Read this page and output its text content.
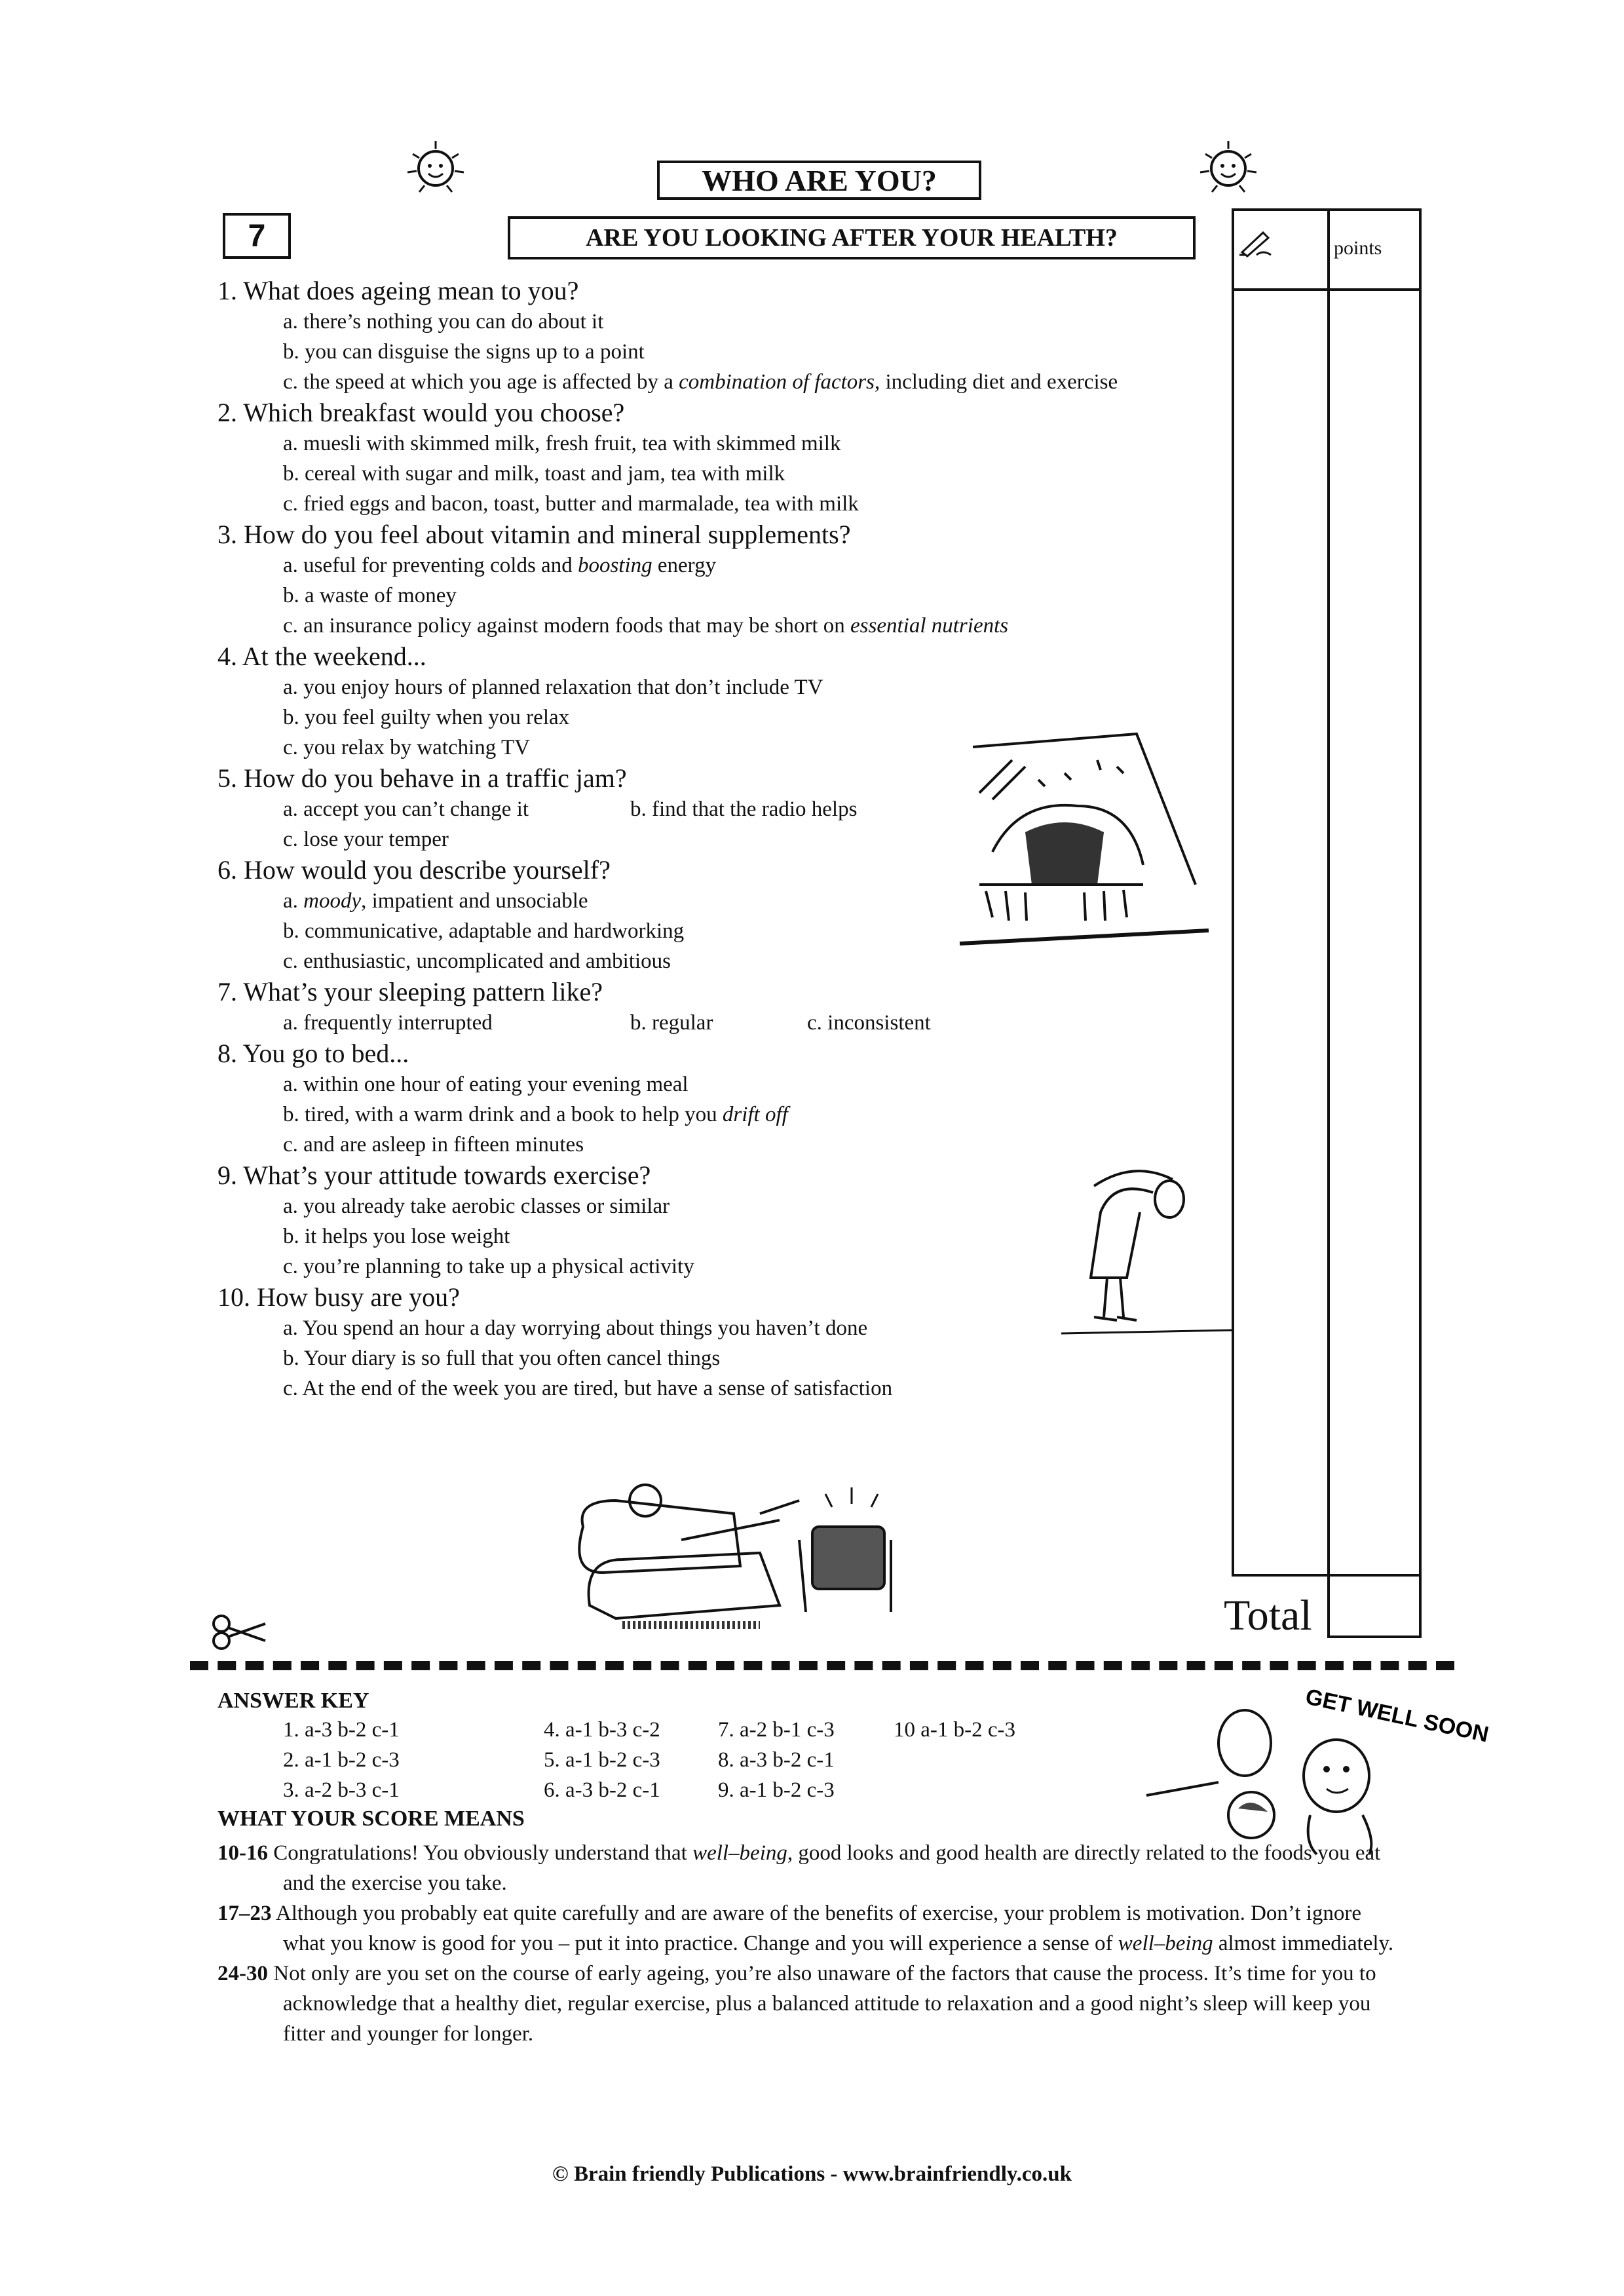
WHO ARE YOU?
7	ARE YOU LOOKING AFTER YOUR HEALTH?	points
Total
1. What does ageing mean to you?
a. there’s nothing you can do about it
b. you can disguise the signs up to a point
c. the speed at which you age is affected by a combination of factors, including diet and exercise
2. Which breakfast would you choose?
a. muesli with skimmed milk, fresh fruit, tea with skimmed milk
b. cereal with sugar and milk, toast and jam, tea with milk
c. fried eggs and bacon, toast, butter and marmalade, tea with milk
3. How do you feel about vitamin and mineral supplements?
a. useful for preventing colds and boosting energy
b. a waste of money
c. an insurance policy against modern foods that may be short on essential nutrients
4. At the weekend...
a. you enjoy hours of planned relaxation that don’t include TV
b. you feel guilty when you relax
c. you relax by watching TV
5. How do you behave in a traffic jam?
a. accept you can’t change it	b. find that the radio helps
c. lose your temper
6. How would you describe yourself?
a. moody, impatient and unsociable
b. communicative, adaptable and hardworking
c. enthusiastic, uncomplicated and ambitious
7. What’s your sleeping pattern like?
a. frequently interrupted	b. regular	c. inconsistent
8. You go to bed...
a. within one hour of eating your evening meal
b. tired, with a warm drink and a book to help you drift off
c. and are asleep in fifteen minutes
9. What’s your attitude towards exercise?
a. you already take aerobic classes or similar
b. it helps you lose weight
c. you’re planning to take up a physical activity
10. How busy are you?
a. You spend an hour a day worrying about things you haven’t done
b. Your diary is so full that you often cancel things
c. At the end of the week you are tired, but have a sense of satisfaction
ANSWER KEY
1. a-3 b-2 c-1
2. a-1 b-2 c-3
3. a-2 b-3 c-1
4. a-1 b-3 c-2
5. a-1 b-2 c-3
6. a-3 b-2 c-1
7. a-2 b-1 c-3
8. a-3 b-2 c-1
9. a-1 b-2 c-3
10 a-1 b-2 c-3
WHAT YOUR SCORE MEANS
GET WELL SOON
10-16 Congratulations! You obviously understand that well–being, good looks and good health are directly related to the foods you eat and the exercise you take.
17–23 Although you probably eat quite carefully and are aware of the benefits of exercise, your problem is motivation. Don’t ignore what you know is good for you – put it into practice. Change and you will experience a sense of well–being almost immediately.
24-30 Not only are you set on the course of early ageing, you’re also unaware of the factors that cause the process. It’s time for you to acknowledge that a healthy diet, regular exercise, plus a balanced attitude to relaxation and a good night’s sleep will keep you fitter and younger for longer.
© Brain friendly Publications - www.brainfriendly.co.uk
